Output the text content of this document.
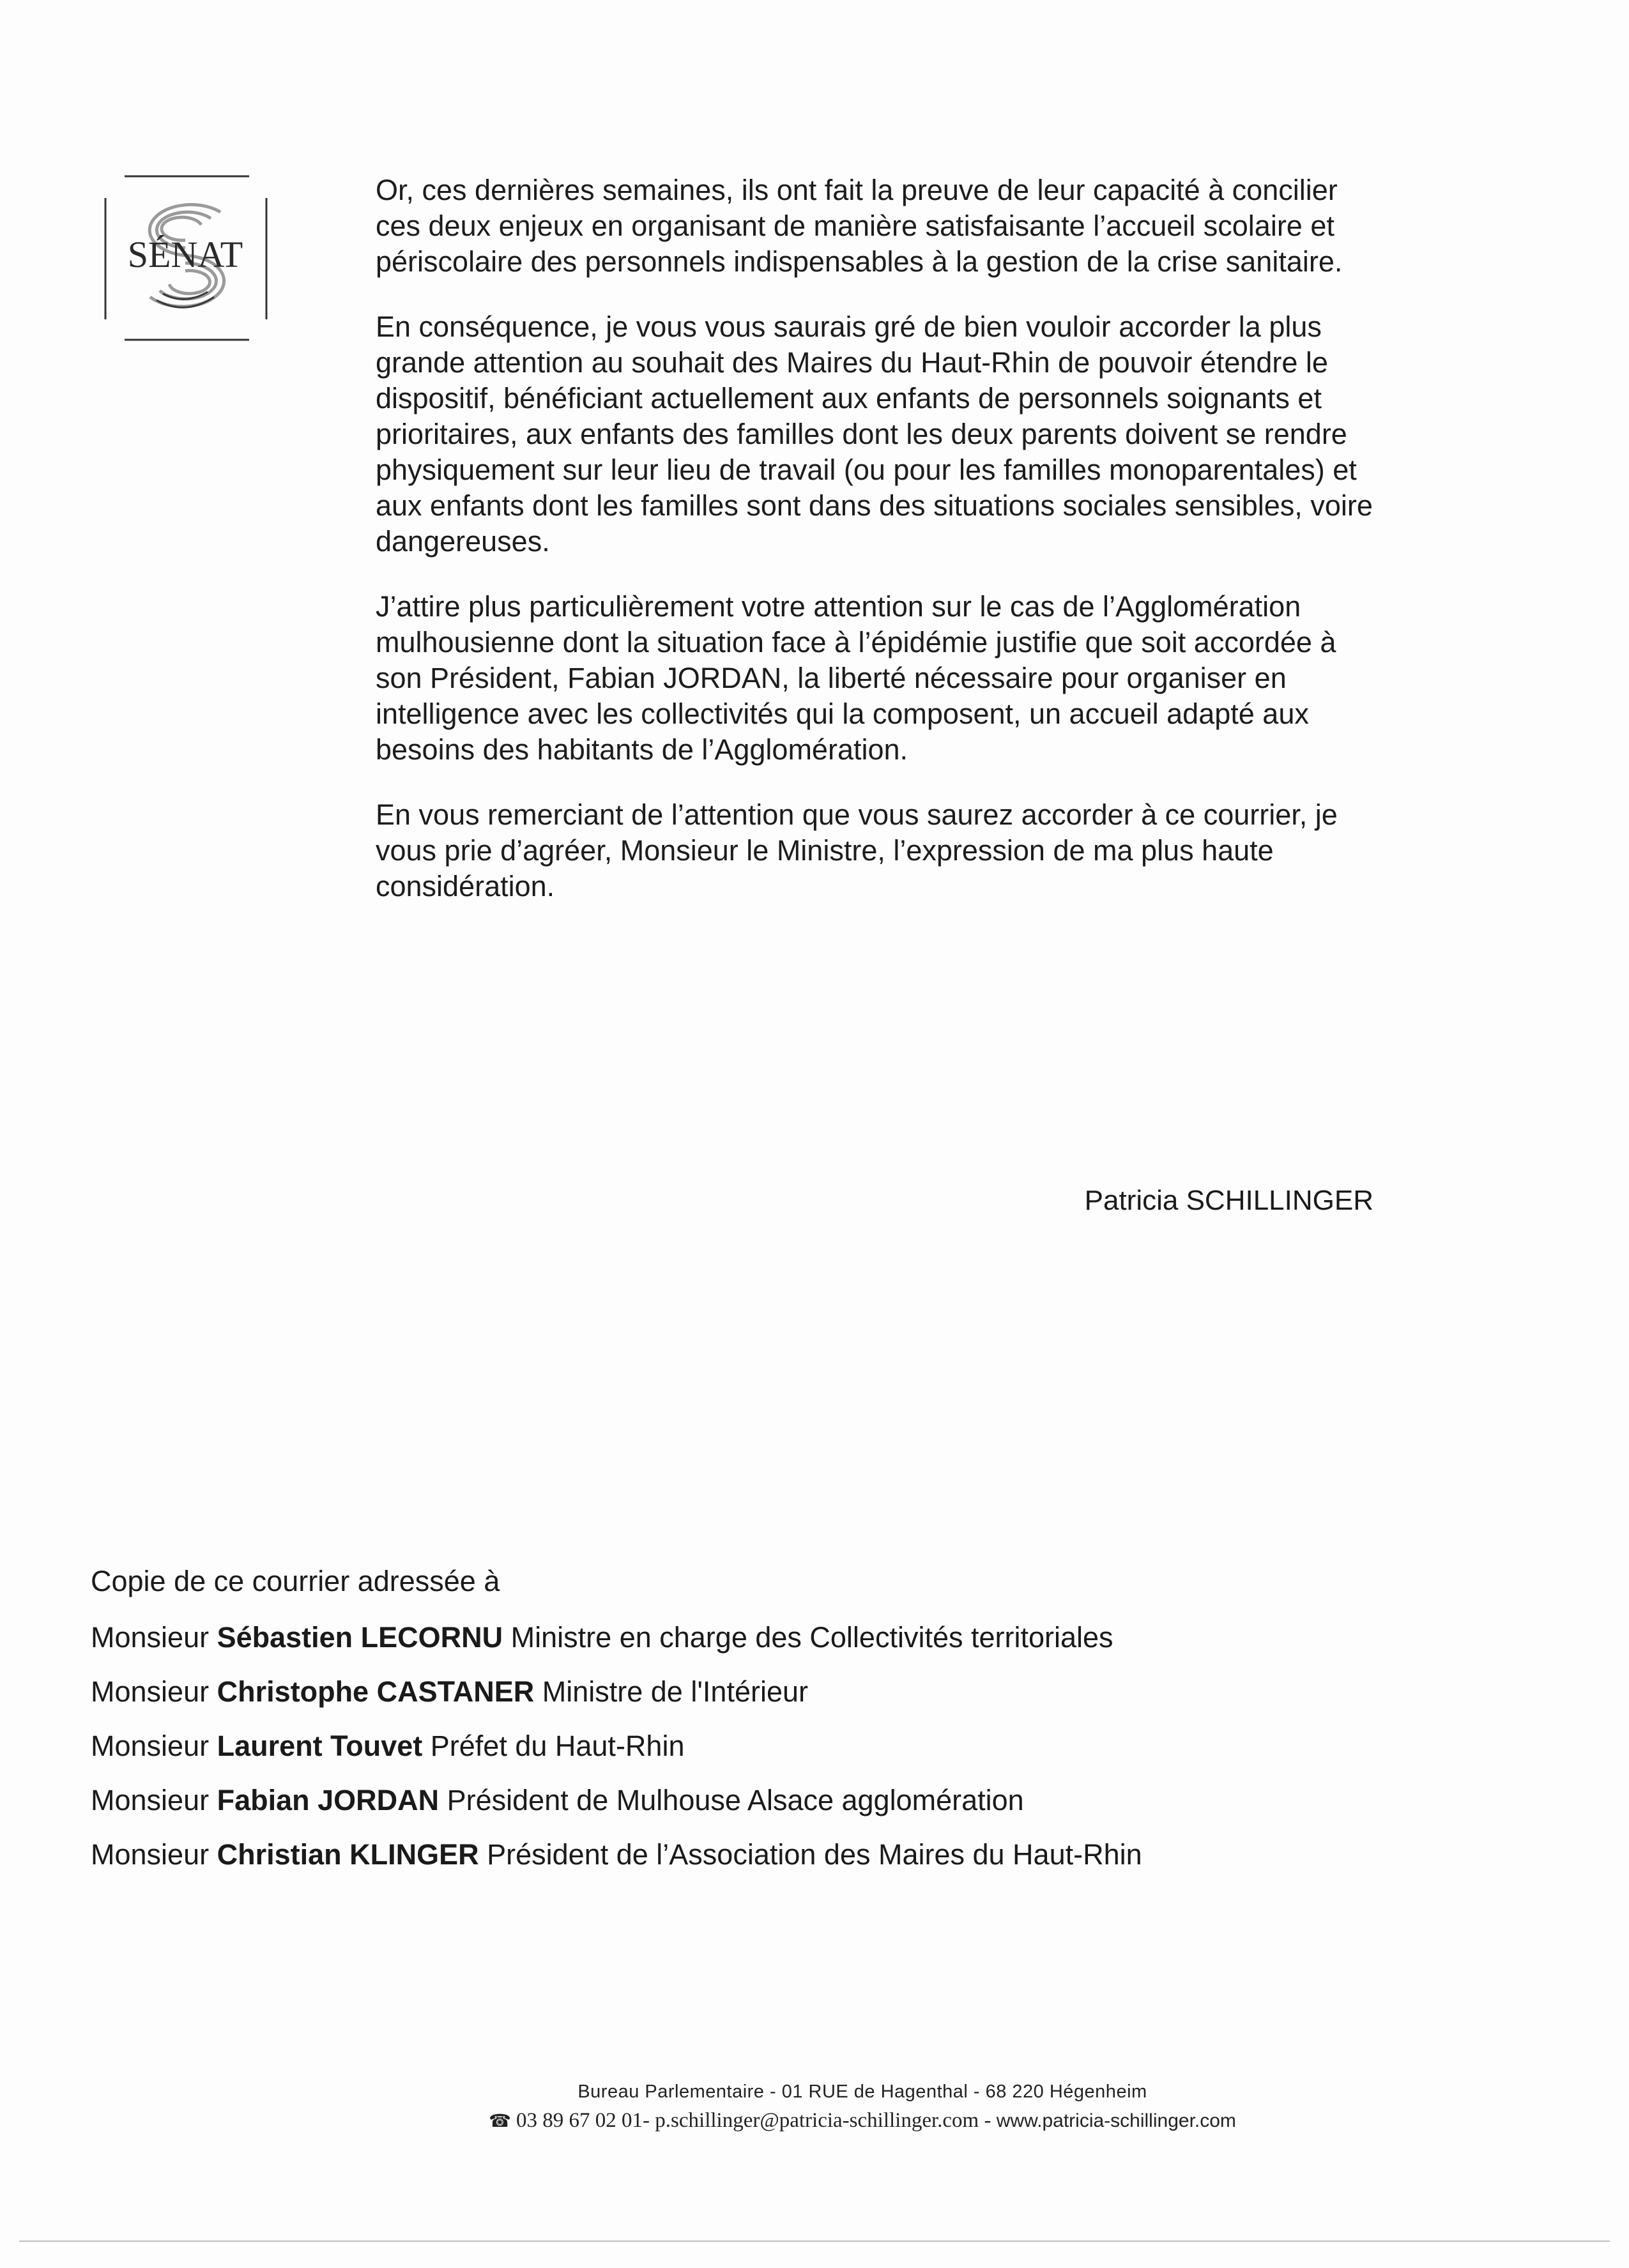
SÉNAT

Or, ces dernières semaines, ils ont fait la preuve de leur capacité à concilier ces deux enjeux en organisant de manière satisfaisante l’accueil scolaire et périscolaire des personnels indispensables à la gestion de la crise sanitaire.

En conséquence, je vous vous saurais gré de bien vouloir accorder la plus grande attention au souhait des Maires du Haut-Rhin de pouvoir étendre le dispositif, bénéficiant actuellement aux enfants de personnels soignants et prioritaires, aux enfants des familles dont les deux parents doivent se rendre physiquement sur leur lieu de travail (ou pour les familles monoparentales) et aux enfants dont les familles sont dans des situations sociales sensibles, voire dangereuses.

J’attire plus particulièrement votre attention sur le cas de l’Agglomération mulhousienne dont la situation face à l’épidémie justifie que soit accordée à son Président, Fabian JORDAN, la liberté nécessaire pour organiser en intelligence avec les collectivités qui la composent, un accueil adapté aux besoins des habitants de l’Agglomération.

En vous remerciant de l’attention que vous saurez accorder à ce courrier, je vous prie d’agréer, Monsieur le Ministre, l’expression de ma plus haute considération.

Patricia SCHILLINGER
Copie de ce courrier adressée à
Monsieur Sébastien LECORNU Ministre en charge des Collectivités territoriales
Monsieur Christophe CASTANER Ministre de l'Intérieur
Monsieur Laurent Touvet Préfet du Haut-Rhin
Monsieur Fabian JORDAN Président de Mulhouse Alsace agglomération
Monsieur Christian KLINGER Président de l’Association des Maires du Haut-Rhin
Bureau Parlementaire - 01 RUE de Hagenthal - 68 220 Hégenheim
☎ 03 89 67 02 01- p.schillinger@patricia-schillinger.com - www.patricia-schillinger.com
